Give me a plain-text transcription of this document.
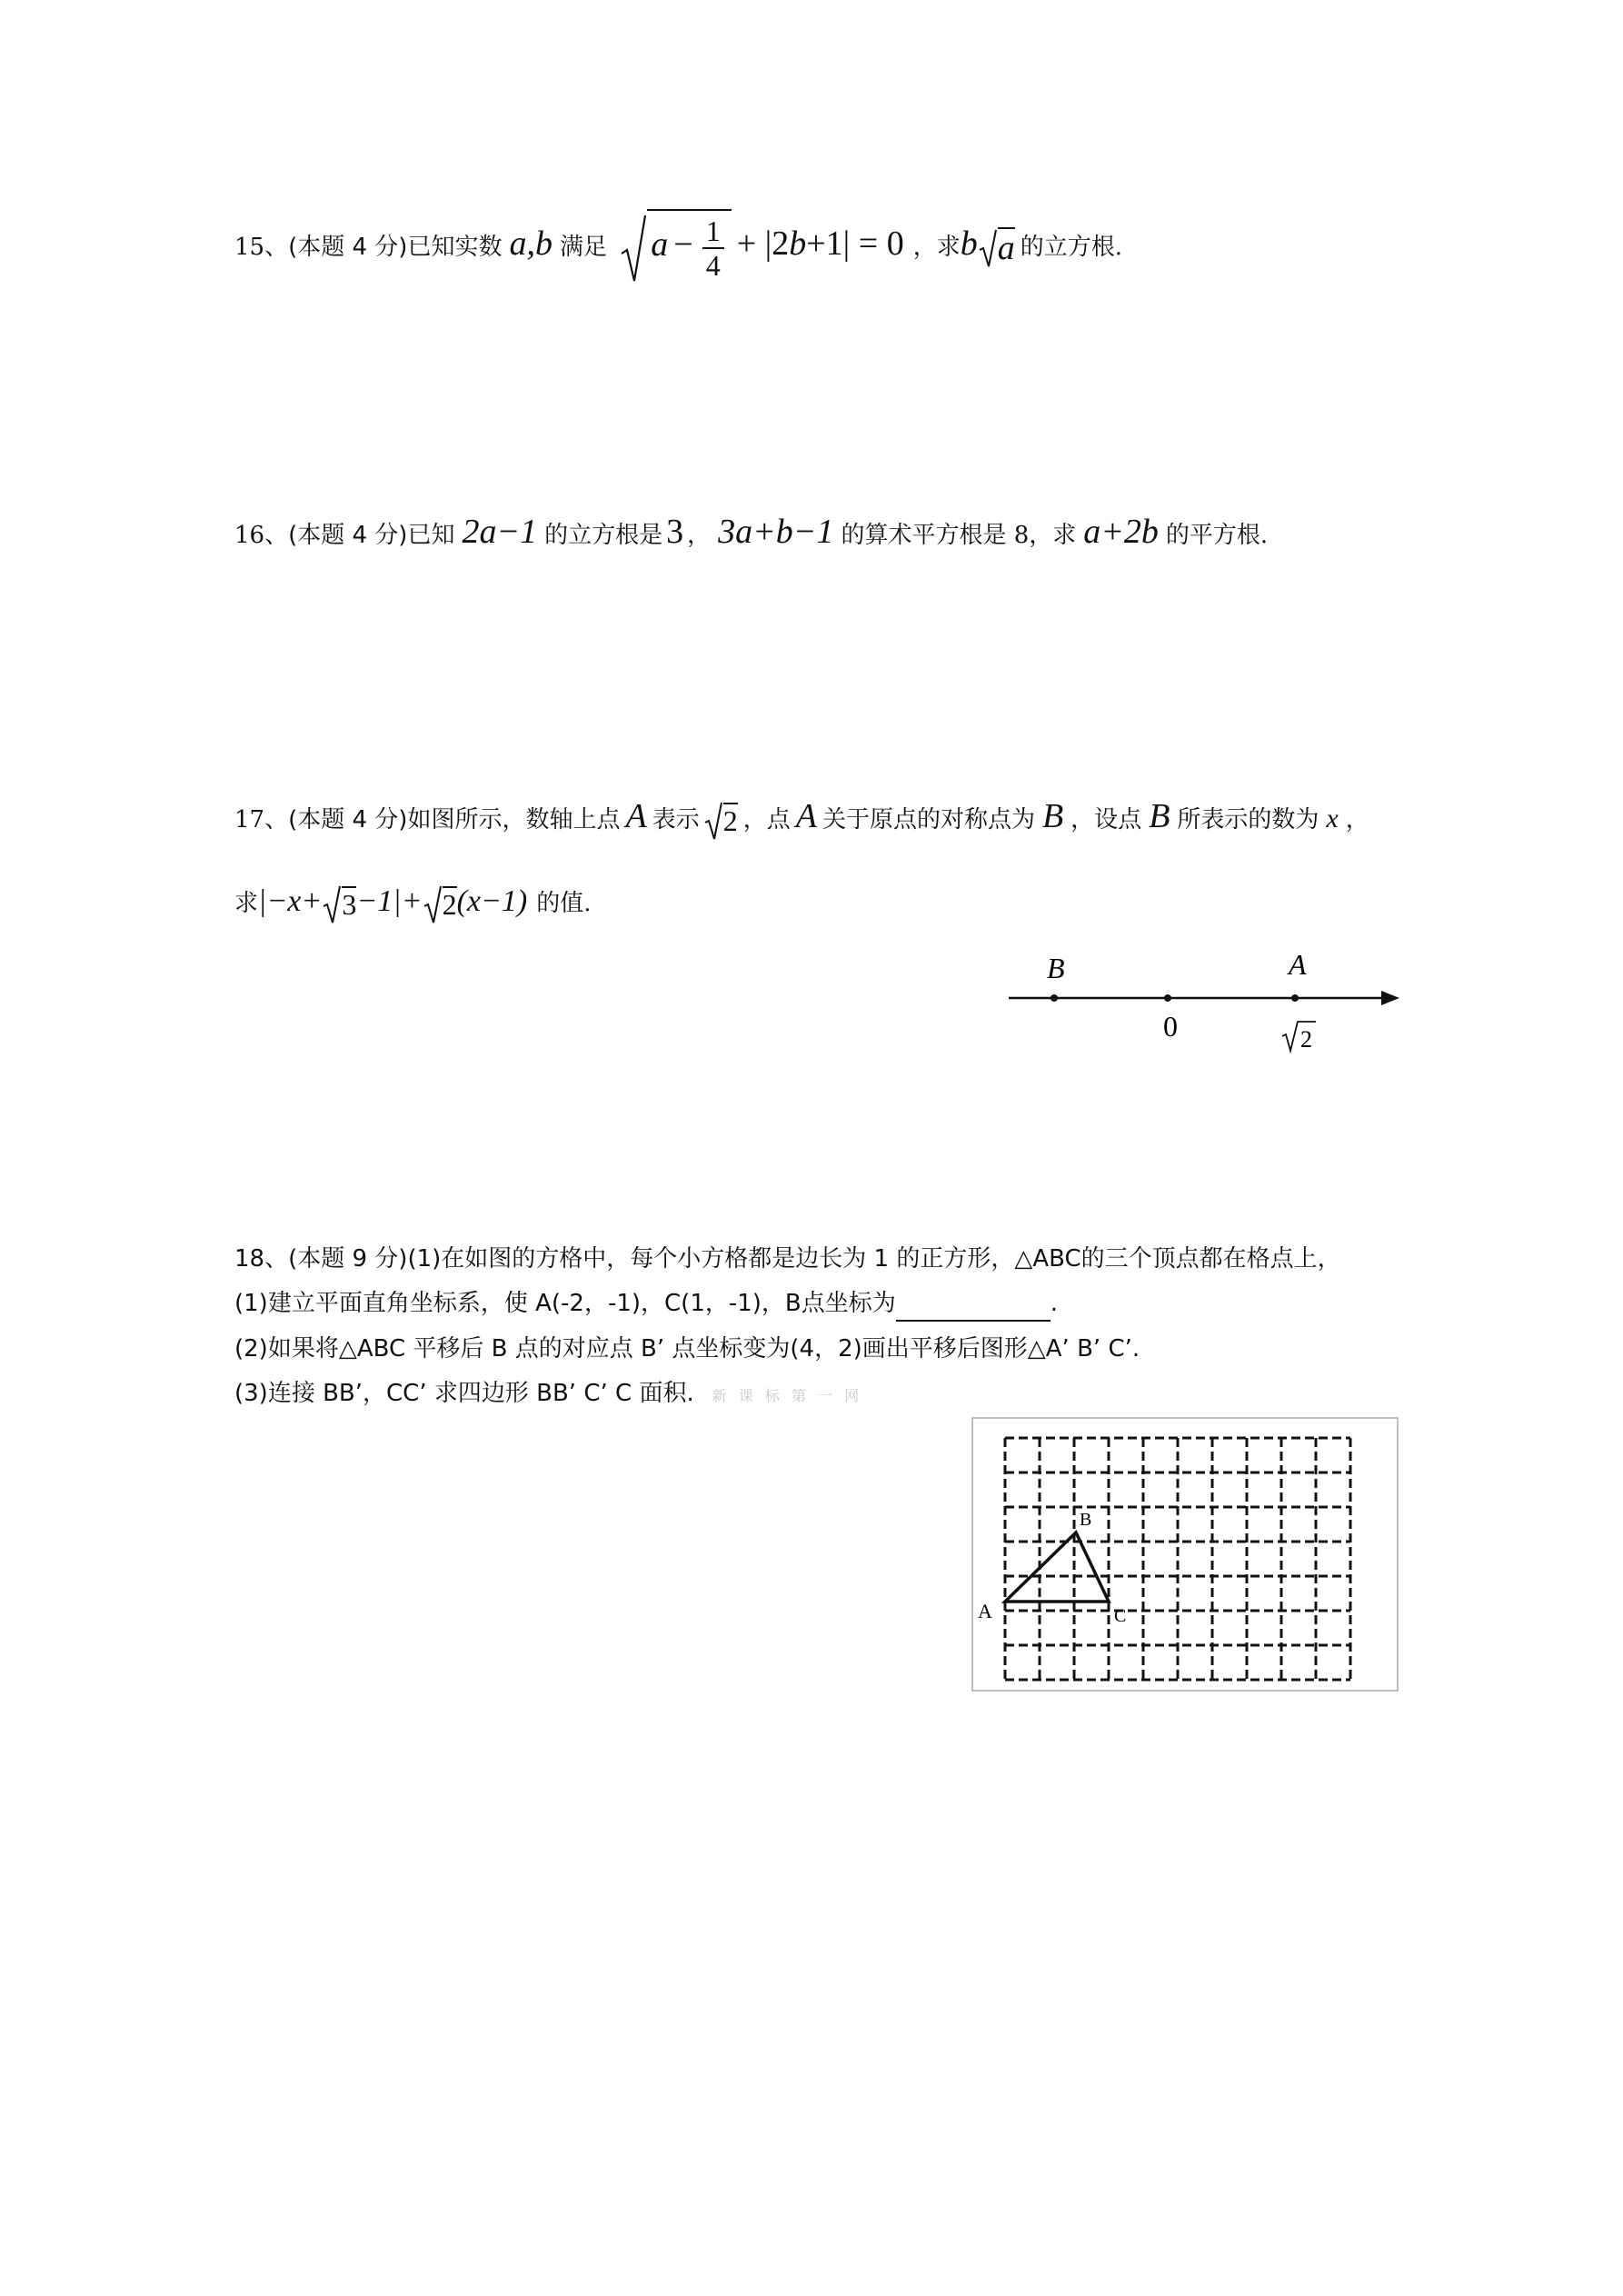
15、(本题 4 分)已知实数 a,b 满足 $a - \frac{1}{4} + |2b+1| = 0$ ，求b a 的立方根.
16、(本题 4 分)已知 2a−1 的立方根是 3 ， 3a+b−1 的算术平方根是 8，求 a+2b 的平方根.
17、(本题 4 分)如图所示，数轴上点 A 表示 2 ，点 A 关于原点的对称点为 B ，设点 B 所表示的数为 x ，
求|−x+ 3−1|+ 2(x−1) 的值.
B
0
A
2
18、(本题 9 分)(1)在如图的方格中，每个小方格都是边长为 1 的正方形，△ABC的三个顶点都在格点上，
(1)建立平面直角坐标系，使 A(-2，-1)，C(1，-1)，B点坐标为	.
(2)如果将△ABC 平移后 B 点的对应点 B’ 点坐标变为(4，2)画出平移后图形△A’ B’ C’.
(3)连接 BB’，CC’ 求四边形 BB’ C’ C 面积. 新 课 标 第 一 网
A
B
C
